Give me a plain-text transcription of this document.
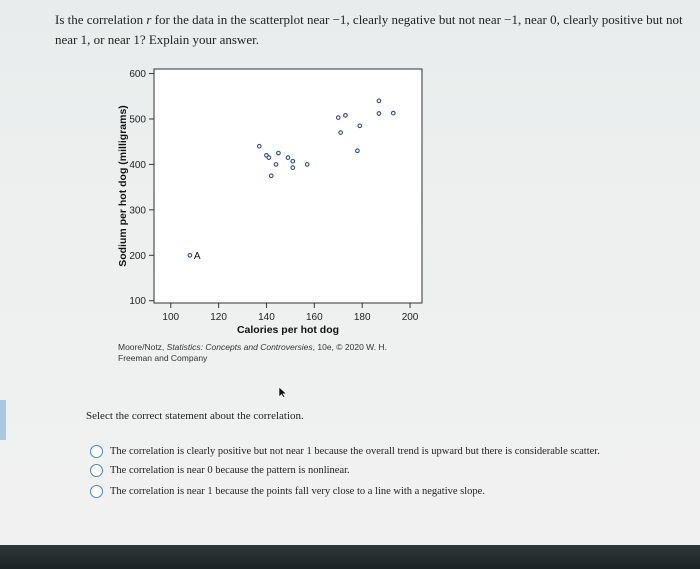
Is the correlation r for the data in the scatterplot near −1, clearly negative but not near −1, near 0, clearly positive but not near 1, or near 1? Explain your answer.
100
200
300
400
500
600
100	120	140	160	180	200
Calories per hot dog
Sodium per hot dog (milligrams)	A
Moore/Notz, Statistics: Concepts and Controversies, 10e, © 2020 W. H.
Freeman and Company
Select the correct statement about the correlation.
The correlation is clearly positive but not near 1 because the overall trend is upward but there is considerable scatter.
The correlation is near 0 because the pattern is nonlinear.
The correlation is near 1 because the points fall very close to a line with a negative slope.
